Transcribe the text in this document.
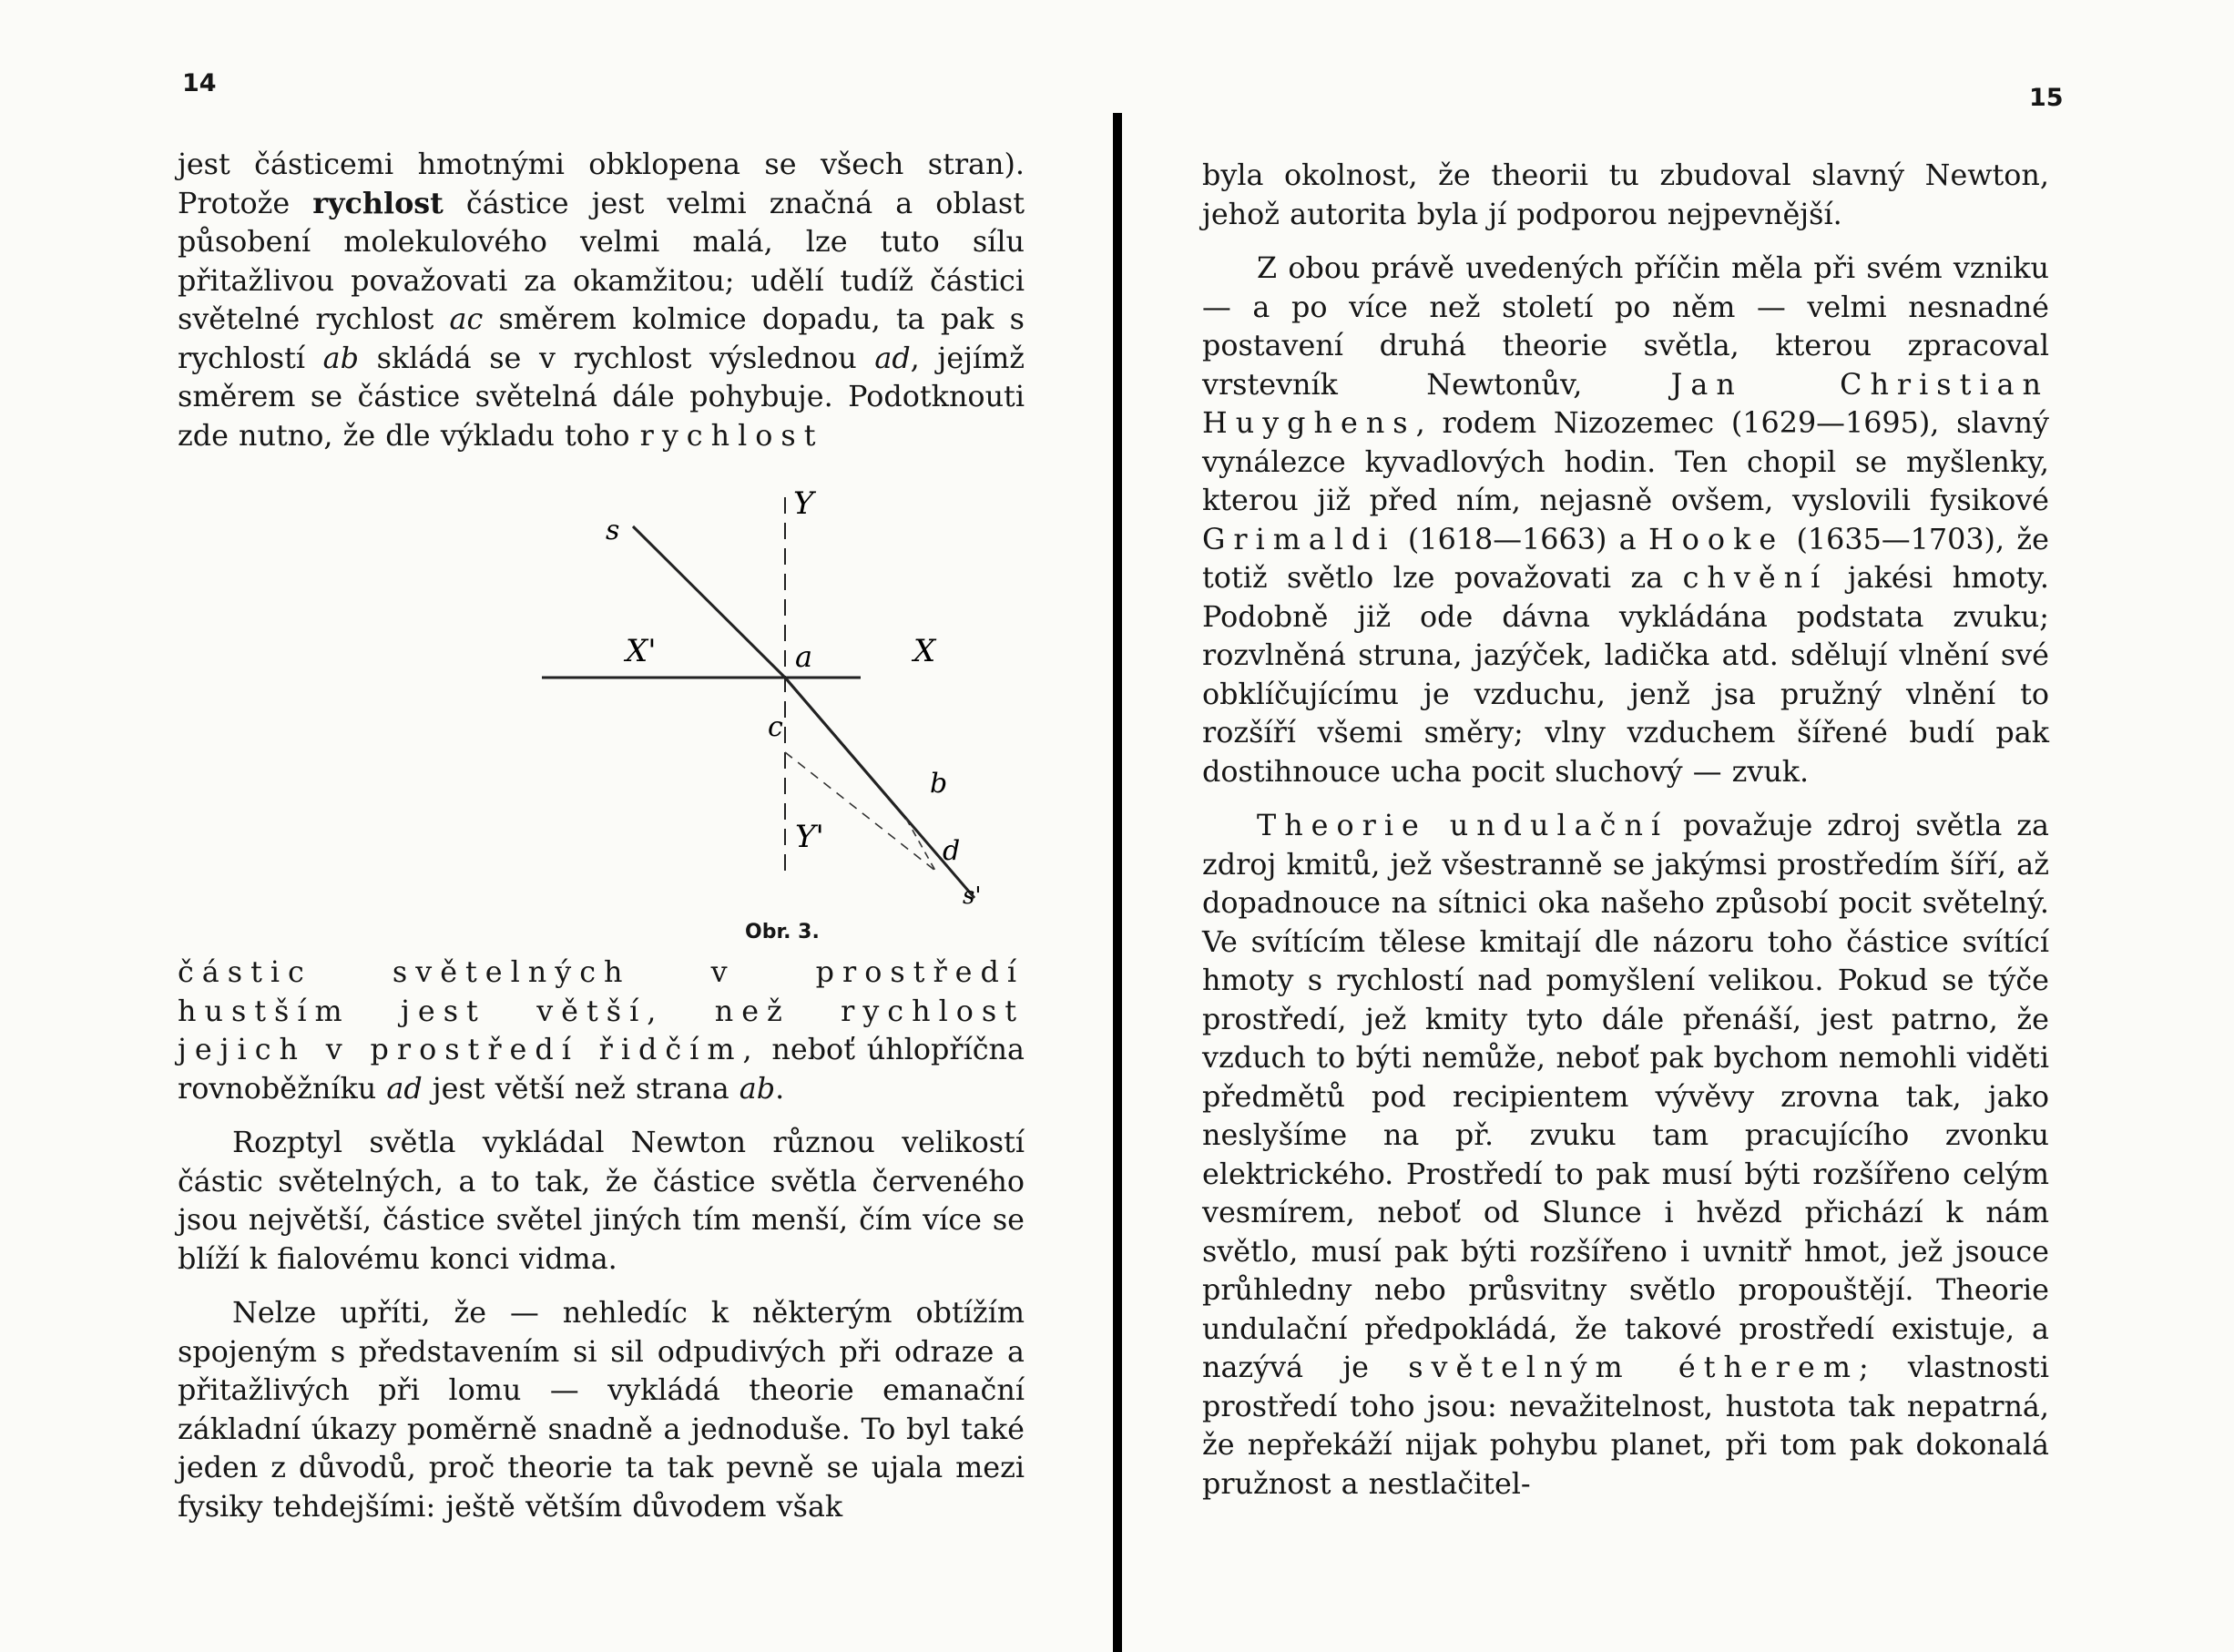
14

jest částicemi hmotnými obklopena se všech stran). Protože rychlost částice jest velmi značná a oblast působení molekulového velmi malá, lze tuto sílu přitažlivou považovati za okamžitou; udělí tudíž částici světelné rychlost ac směrem kolmice dopadu, ta pak s rychlostí ab skládá se v rychlost výslednou ad, jejímž směrem se částice světelná dále pohybuje. Podotknouti zde nutno, že dle výkladu toho rychlost

s
Y
X'	X
a
c
b
d
Y'
s'
Obr. 3.

částic světelných v prostředí hustším jest větší, než rychlost jejich v prostředí řidčím, neboť úhlopříčna rovnoběžníku ad jest větší než strana ab.

Rozptyl světla vykládal Newton různou velikostí částic světelných, a to tak, že částice světla červeného jsou největší, částice světel jiných tím menší, čím více se blíží k fialovému konci vidma.

Nelze upříti, že — nehledíc k některým obtížím spojeným s představením si sil odpudivých při odraze a přitažlivých při lomu — vykládá theorie emanační základní úkazy poměrně snadně a jednoduše. To byl také jeden z důvodů, proč theorie ta tak pevně se ujala mezi fysiky tehdejšími: ještě větším důvodem však

15

byla okolnost, že theorii tu zbudoval slavný Newton, jehož autorita byla jí podporou nejpevnější.

Z obou právě uvedených příčin měla při svém vzniku — a po více než století po něm — velmi nesnadné postavení druhá theorie světla, kterou zpracoval vrstevník Newtonův, Jan Christian Huyghens, rodem Nizozemec (1629—1695), slavný vynálezce kyvadlových hodin. Ten chopil se myšlenky, kterou již před ním, nejasně ovšem, vyslovili fysikové Grimaldi (1618—1663) a Hooke (1635—1703), že totiž světlo lze považovati za chvění jakési hmoty. Podobně již ode dávna vykládána podstata zvuku; rozvlněná struna, jazýček, ladička atd. sdělují vlnění své obklíčujícímu je vzduchu, jenž jsa pružný vlnění to rozšíří všemi směry; vlny vzduchem šířené budí pak dostihnouce ucha pocit sluchový — zvuk.

Theorie undulační považuje zdroj světla za zdroj kmitů, jež všestranně se jakýmsi prostředím šíří, až dopadnouce na sítnici oka našeho způsobí pocit světelný. Ve svítícím tělese kmitají dle názoru toho částice svítící hmoty s rychlostí nad pomyšlení velikou. Pokud se týče prostředí, jež kmity tyto dále přenáší, jest patrno, že vzduch to býti nemůže, neboť pak bychom nemohli viděti předmětů pod recipientem vývěvy zrovna tak, jako neslyšíme na př. zvuku tam pracujícího zvonku elektrického. Prostředí to pak musí býti rozšířeno celým vesmírem, neboť od Slunce i hvězd přichází k nám světlo, musí pak býti rozšířeno i uvnitř hmot, jež jsouce průhledny nebo průsvitny světlo propouštějí. Theorie undulační předpokládá, že takové prostředí existuje, a nazývá je světelným étherem; vlastnosti prostředí toho jsou: nevažitelnost, hustota tak nepatrná, že nepřekáží nijak pohybu planet, při tom pak dokonalá pružnost a nestlačitel-
